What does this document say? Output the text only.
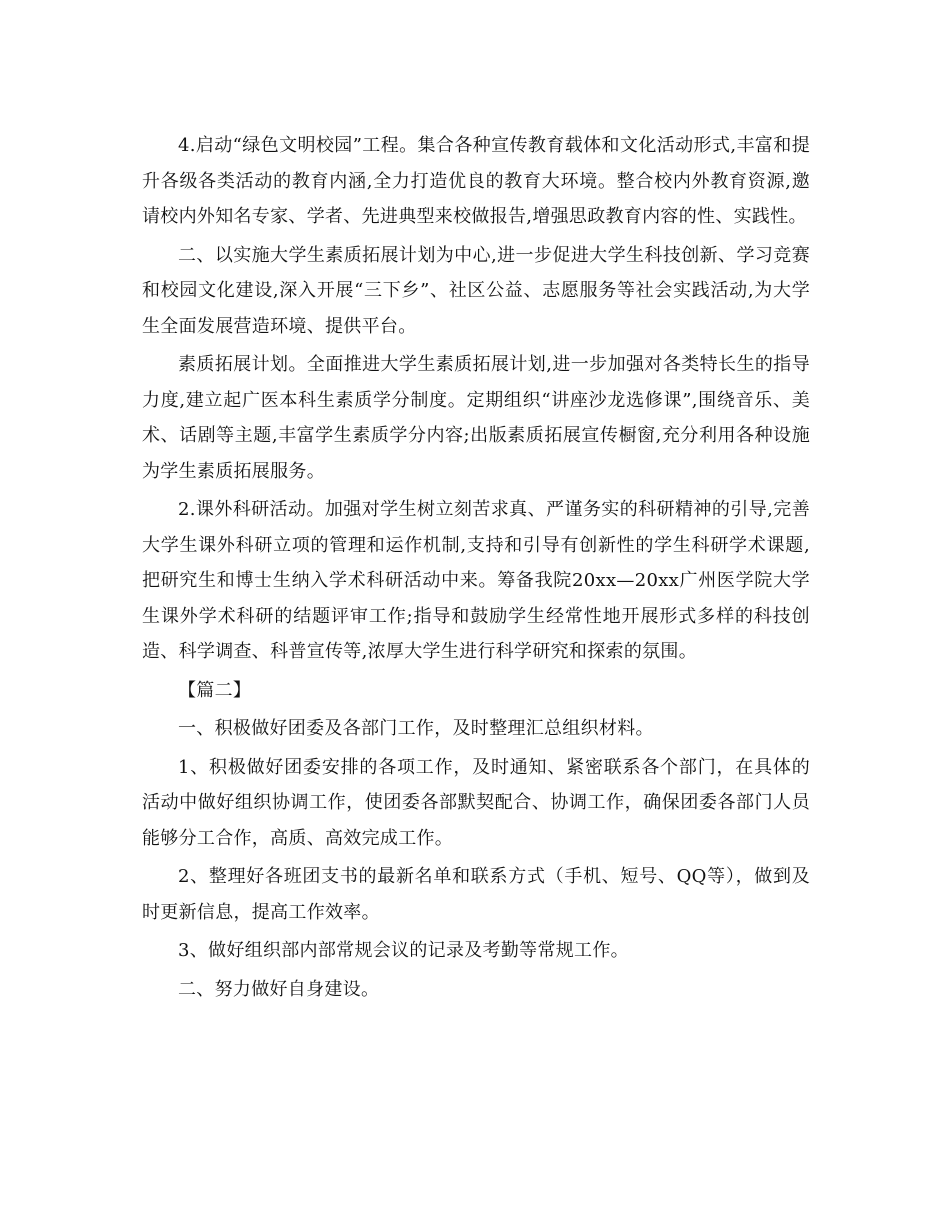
4.启动“绿色文明校园”工程。集合各种宣传教育载体和文化活动形式,丰富和提升各级各类活动的教育内涵,全力打造优良的教育大环境。整合校内外教育资源,邀请校内外知名专家、学者、先进典型来校做报告,增强思政教育内容的性、实践性。

二、以实施大学生素质拓展计划为中心,进一步促进大学生科技创新、学习竞赛和校园文化建设,深入开展“三下乡”、社区公益、志愿服务等社会实践活动,为大学生全面发展营造环境、提供平台。

素质拓展计划。全面推进大学生素质拓展计划,进一步加强对各类特长生的指导力度,建立起广医本科生素质学分制度。定期组织“讲座沙龙选修课”,围绕音乐、美术、话剧等主题,丰富学生素质学分内容;出版素质拓展宣传橱窗,充分利用各种设施为学生素质拓展服务。

2.课外科研活动。加强对学生树立刻苦求真、严谨务实的科研精神的引导,完善大学生课外科研立项的管理和运作机制,支持和引导有创新性的学生科研学术课题,把研究生和博士生纳入学术科研活动中来。筹备我院20xx—20xx广州医学院大学生课外学术科研的结题评审工作;指导和鼓励学生经常性地开展形式多样的科技创造、科学调查、科普宣传等,浓厚大学生进行科学研究和探索的氛围。

【篇二】

一、积极做好团委及各部门工作，及时整理汇总组织材料。

1、积极做好团委安排的各项工作，及时通知、紧密联系各个部门，在具体的活动中做好组织协调工作，使团委各部默契配合、协调工作，确保团委各部门人员能够分工合作，高质、高效完成工作。

2、整理好各班团支书的最新名单和联系方式（手机、短号、QQ等），做到及时更新信息，提高工作效率。

3、做好组织部内部常规会议的记录及考勤等常规工作。

二、努力做好自身建设。
